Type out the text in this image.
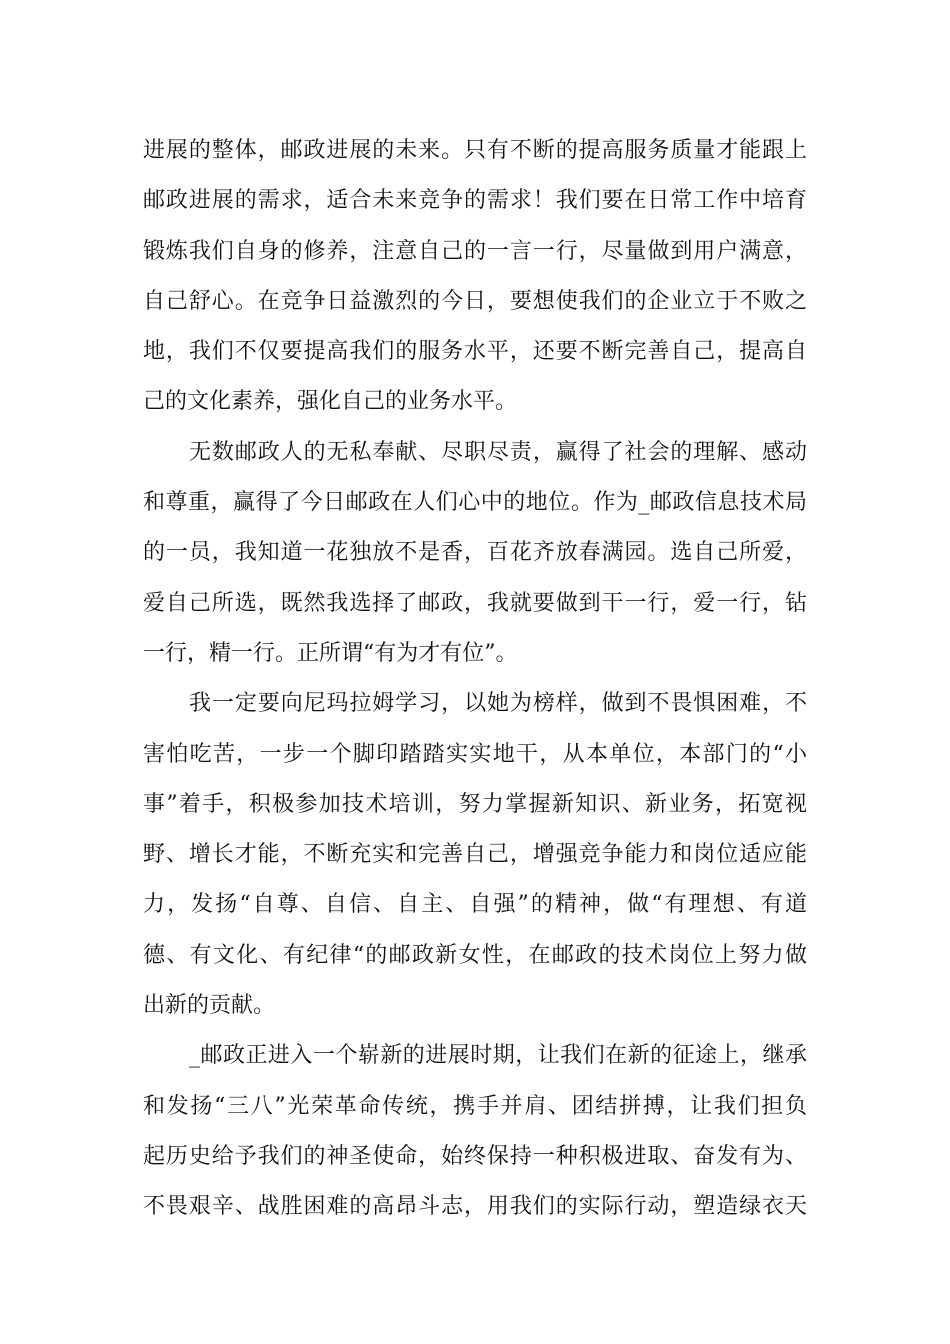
进展的整体，邮政进展的未来。只有不断的提高服务质量才能跟上
邮政进展的需求，适合未来竞争的需求！我们要在日常工作中培育
锻炼我们自身的修养，注意自己的一言一行，尽量做到用户满意，
自己舒心。在竞争日益激烈的今日，要想使我们的企业立于不败之
地，我们不仅要提高我们的服务水平，还要不断完善自己，提高自
己的文化素养，强化自己的业务水平。
无数邮政人的无私奉献、尽职尽责，赢得了社会的理解、感动
和尊重，赢得了今日邮政在人们心中的地位。作为_邮政信息技术局
的一员，我知道一花独放不是香，百花齐放春满园。选自己所爱，
爱自己所选，既然我选择了邮政，我就要做到干一行，爱一行，钻
一行，精一行。正所谓“有为才有位”。
我一定要向尼玛拉姆学习，以她为榜样，做到不畏惧困难，不
害怕吃苦，一步一个脚印踏踏实实地干，从本单位，本部门的“小
事”着手，积极参加技术培训，努力掌握新知识、新业务，拓宽视
野、增长才能，不断充实和完善自己，增强竞争能力和岗位适应能
力，发扬“自尊、自信、自主、自强”的精神，做“有理想、有道
德、有文化、有纪律“的邮政新女性，在邮政的技术岗位上努力做
出新的贡献。
_邮政正进入一个崭新的进展时期，让我们在新的征途上，继承
和发扬“三八”光荣革命传统，携手并肩、团结拼搏，让我们担负
起历史给予我们的神圣使命，始终保持一种积极进取、奋发有为、
不畏艰辛、战胜困难的高昂斗志，用我们的实际行动，塑造绿衣天
